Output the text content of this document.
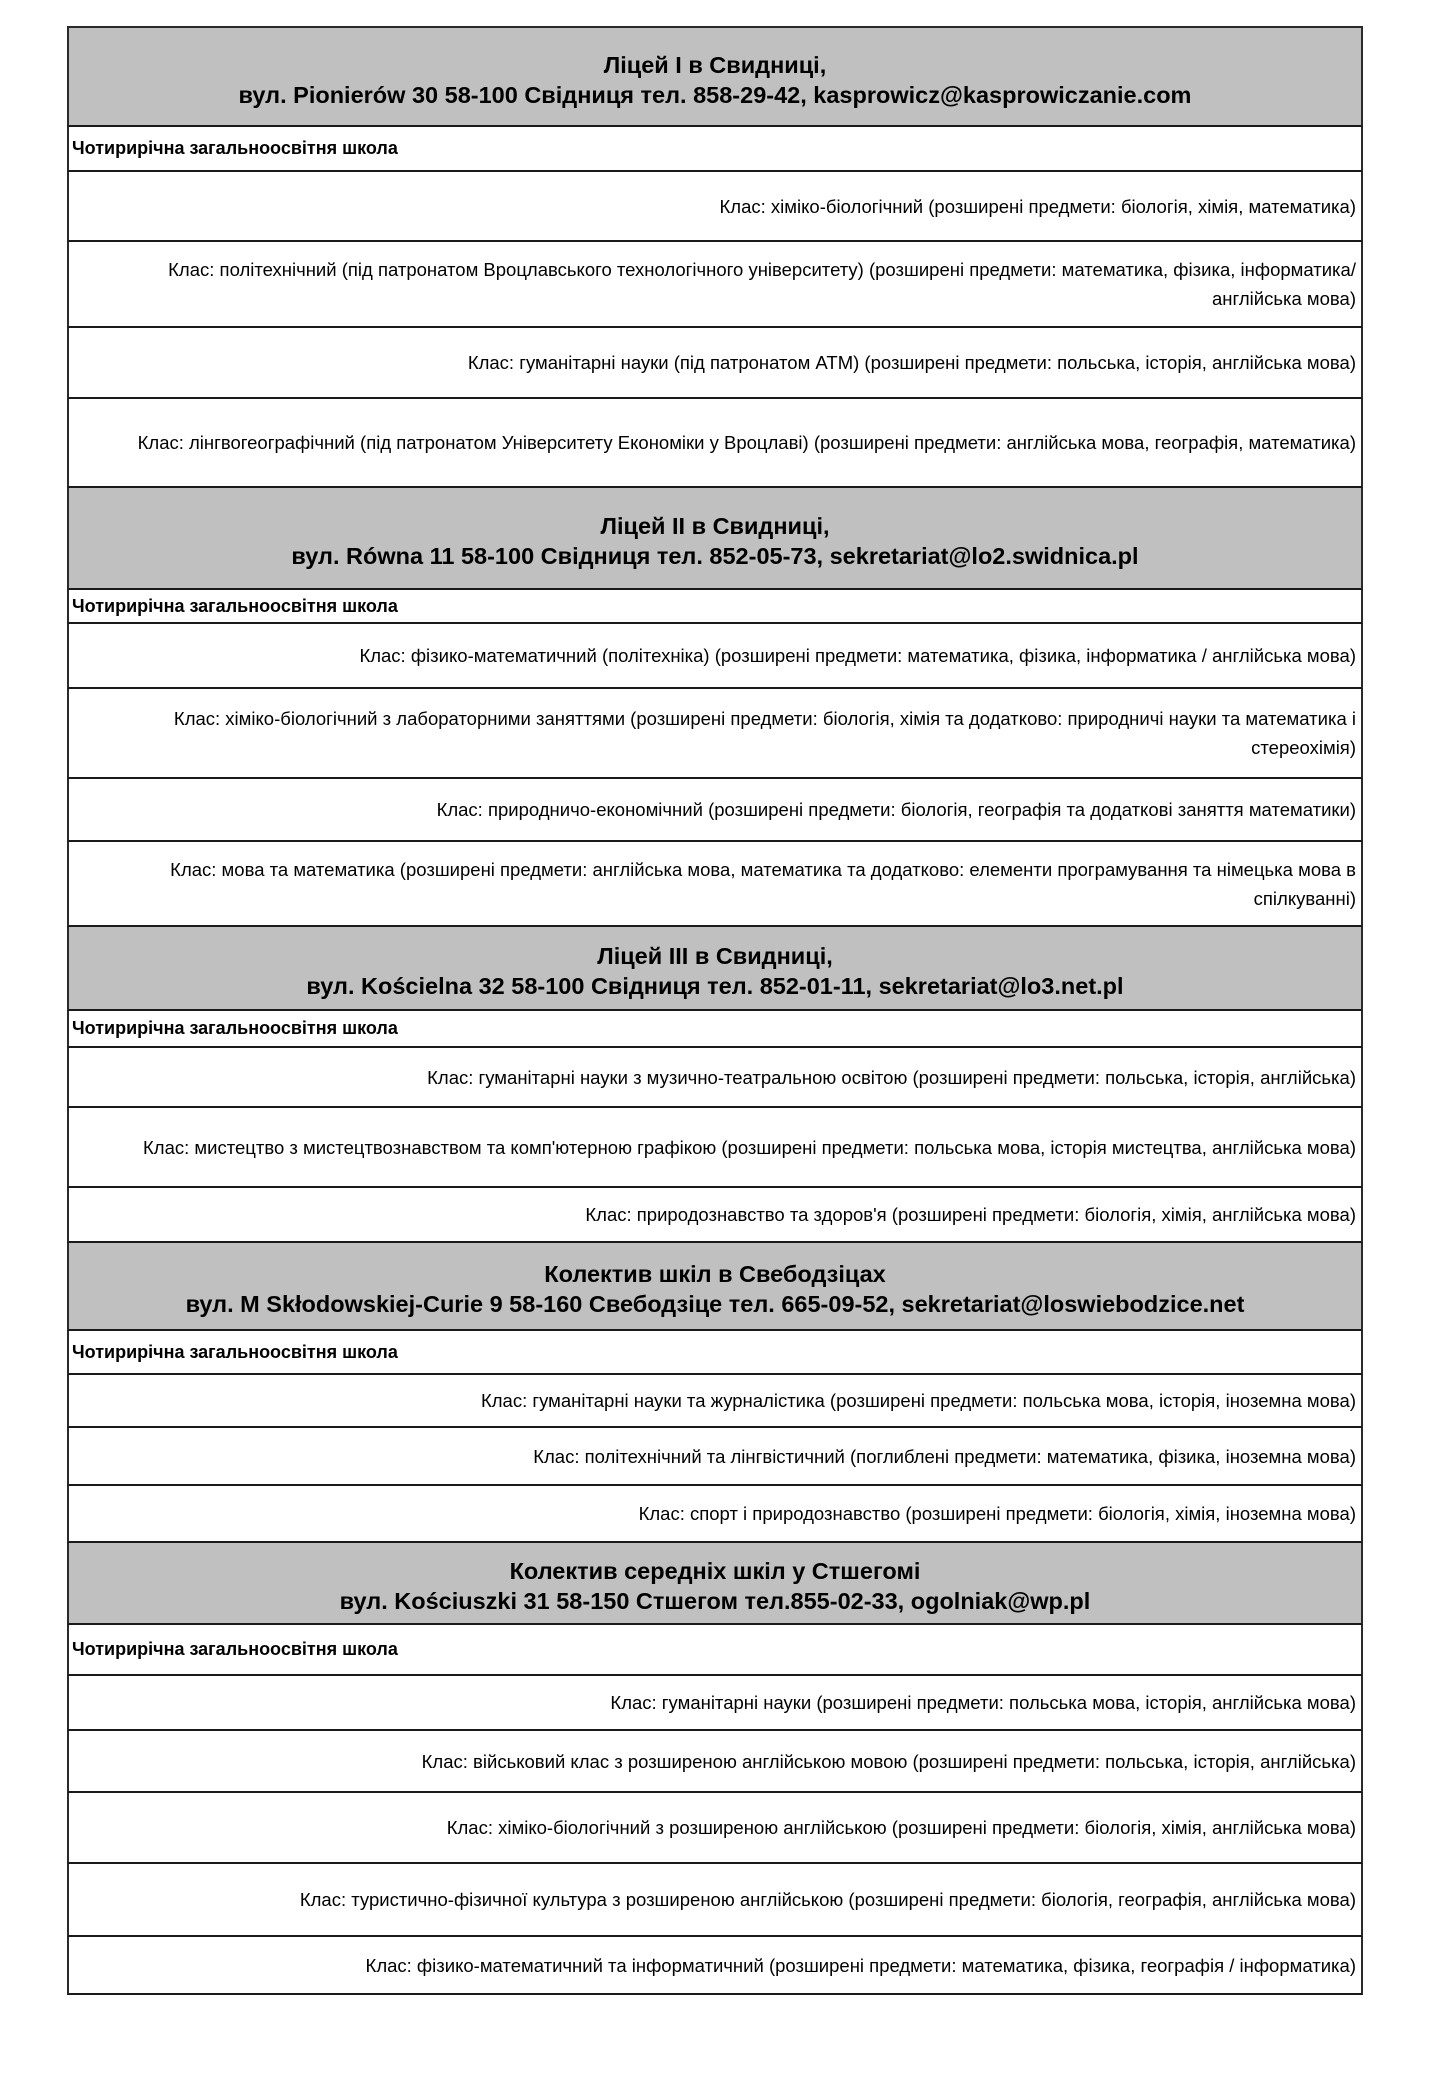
Ліцей I в Свидниці,
вул. Pionierów 30 58-100 Свідниця тел. 858-29-42, kasprowicz@kasprowiczanie.com
Чотирирічна загальноосвітня школа
Клас: хіміко-біологічний (розширені предмети: біологія, хімія, математика)
Клас: політехнічний (під патронатом Вроцлавського технологічного університету) (розширені предмети: математика, фізика, інформатика/англійська мова)
Клас: гуманітарні науки (під патронатом ATM) (розширені предмети: польська, історія, англійська мова)
Клас: лінгвогеографічний (під патронатом Університету Економіки у Вроцлаві) (розширені предмети: англійська мова, географія, математика)
Ліцей II в Свидниці,
вул. Równa 11 58-100 Свідниця тел. 852-05-73, sekretariat@lo2.swidnica.pl
Чотирирічна загальноосвітня школа
Клас: фізико-математичний (політехніка) (розширені предмети: математика, фізика, інформатика / англійська мова)
Клас: хіміко-біологічний з лабораторними заняттями (розширені предмети: біологія, хімія та додатково: природничі науки та математика і стереохімія)
Клас: природничо-економічний (розширені предмети: біологія, географія та додаткові заняття математики)
Клас: мова та математика (розширені предмети: англійська мова, математика та додатково: елементи програмування та німецька мова в спілкуванні)
Ліцей III в Свидниці,
вул. Kościelna 32 58-100 Свідниця тел. 852-01-11, sekretariat@lo3.net.pl
Чотирирічна загальноосвітня школа
Клас: гуманітарні науки з музично-театральною освітою (розширені предмети: польська, історія, англійська)
Клас: мистецтво з мистецтвознавством та комп'ютерною графікою (розширені предмети: польська мова, історія мистецтва, англійська мова)
Клас: природознавство та здоров'я (розширені предмети: біологія, хімія, англійська мова)
Колектив шкіл в Свебодзіцах
вул. M Skłodowskiej-Curie 9 58-160 Свебодзіце тел. 665-09-52, sekretariat@loswiebodzice.net
Чотирирічна загальноосвітня школа
Клас: гуманітарні науки та журналістика (розширені предмети: польська мова, історія, іноземна мова)
Клас: політехнічний та лінгвістичний (поглиблені предмети: математика, фізика, іноземна мова)
Клас: спорт і природознавство (розширені предмети: біологія, хімія, іноземна мова)
Колектив середніх шкіл у Стшегомі
вул. Kościuszki 31 58-150 Стшегом тел.855-02-33, ogolniak@wp.pl
Чотирирічна загальноосвітня школа
Клас: гуманітарні науки (розширені предмети: польська мова, історія, англійська мова)
Клас: військовий клас з розширеною англійською мовою (розширені предмети: польська, історія, англійська)
Клас: хіміко-біологічний з розширеною англійською (розширені предмети: біологія, хімія, англійська мова)
Клас: туристично-фізичної культура з розширеною англійською (розширені предмети: біологія, географія, англійська мова)
Клас: фізико-математичний та інформатичний (розширені предмети: математика, фізика, географія / інформатика)
